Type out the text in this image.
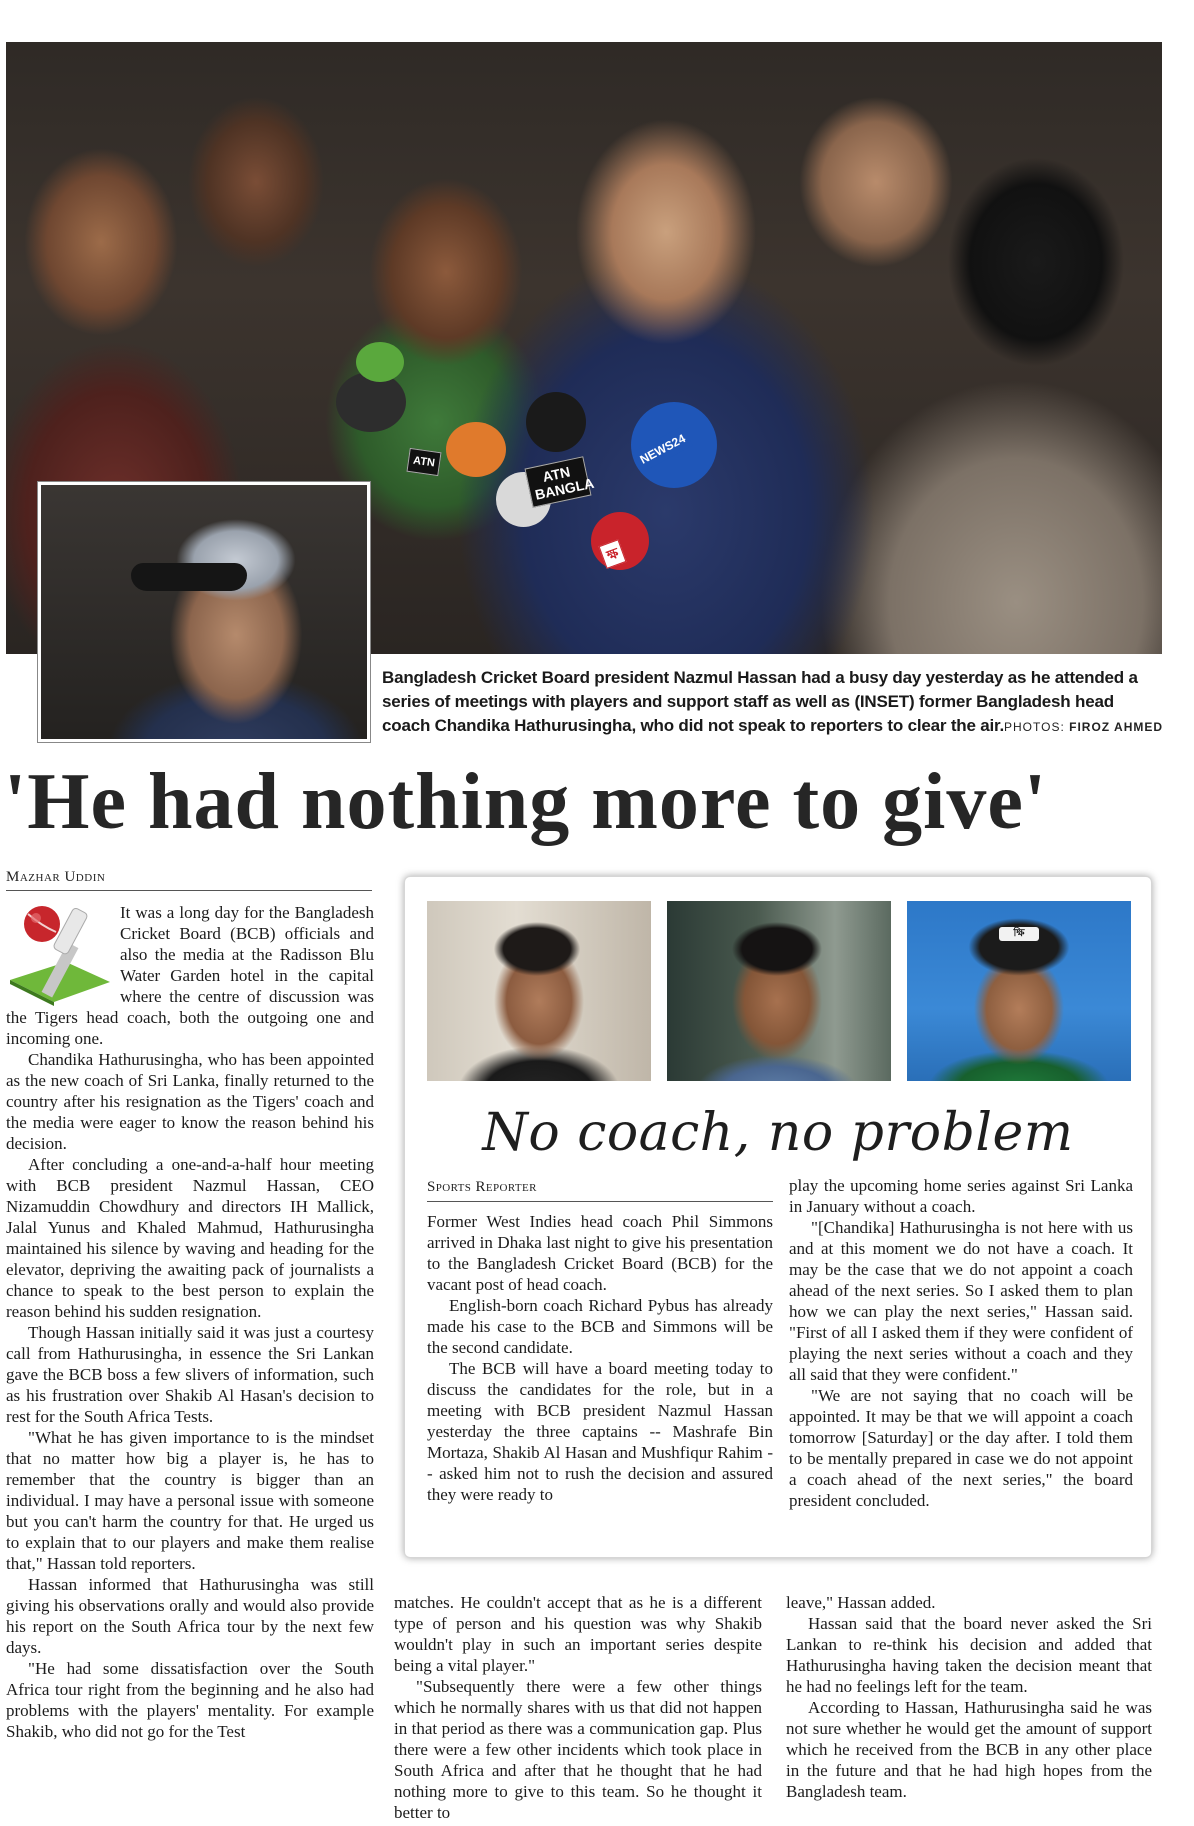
ATN BANGLA
NEWS24
ATN
ক্ষ
Bangladesh Cricket Board president Nazmul Hassan had a busy day yesterday as he attended a series of meetings with players and support staff as well as (INSET) former Bangladesh head coach Chandika Hathurusingha, who did not speak to reporters to clear the air. PHOTOS: FIROZ AHMED
'He had nothing more to give'
Mazhar Uddin

It was a long day for the Bangladesh Cricket Board (BCB) officials and also the media at the Radisson Blu Water Garden hotel in the capital where the centre of discussion was the Tigers head coach, both the outgoing one and incoming one.

Chandika Hathurusingha, who has been appointed as the new coach of Sri Lanka, finally returned to the country after his resignation as the Tigers' coach and the media were eager to know the reason behind his decision.

After concluding a one-and-a-half hour meeting with BCB president Nazmul Hassan, CEO Nizamuddin Chowdhury and directors IH Mallick, Jalal Yunus and Khaled Mahmud, Hathurusingha maintained his silence by waving and heading for the elevator, depriving the awaiting pack of journalists a chance to speak to the best person to explain the reason behind his sudden resignation.

Though Hassan initially said it was just a courtesy call from Hathurusingha, in essence the Sri Lankan gave the BCB boss a few slivers of information, such as his frustration over Shakib Al Hasan's decision to rest for the South Africa Tests.

"What he has given importance to is the mindset that no matter how big a player is, he has to remember that the country is bigger than an individual. I may have a personal issue with someone but you can't harm the country for that. He urged us to explain that to our players and make them realise that," Hassan told reporters.

Hassan informed that Hathurusingha was still giving his observations orally and would also provide his report on the South Africa tour by the next few days.

"He had some dissatisfaction over the South Africa tour right from the beginning and he also had problems with the players' mentality. For example Shakib, who did not go for the Test

ক্ষি
No coach, no problem
Sports Reporter

Former West Indies head coach Phil Simmons arrived in Dhaka last night to give his presentation to the Bangladesh Cricket Board (BCB) for the vacant post of head coach.

English-born coach Richard Pybus has already made his case to the BCB and Simmons will be the second candidate.

The BCB will have a board meeting today to discuss the candidates for the role, but in a meeting with BCB president Nazmul Hassan yesterday the three captains -- Mashrafe Bin Mortaza, Shakib Al Hasan and Mushfiqur Rahim -- asked him not to rush the decision and assured they were ready to

play the upcoming home series against Sri Lanka in January without a coach.

"[Chandika] Hathurusingha is not here with us and at this moment we do not have a coach. It may be the case that we do not appoint a coach ahead of the next series. So I asked them to plan how we can play the next series," Hassan said. "First of all I asked them if they were confident of playing the next series without a coach and they all said that they were confident."

"We are not saying that no coach will be appointed. It may be that we will appoint a coach tomorrow [Saturday] or the day after. I told them to be mentally prepared in case we do not appoint a coach ahead of the next series," the board president concluded.

matches. He couldn't accept that as he is a different type of person and his question was why Shakib wouldn't play in such an important series despite being a vital player."

"Subsequently there were a few other things which he normally shares with us that did not happen in that period as there was a communication gap. Plus there were a few other incidents which took place in South Africa and after that he thought that he had nothing more to give to this team. So he thought it better to

leave," Hassan added.

Hassan said that the board never asked the Sri Lankan to re-think his decision and added that Hathurusingha having taken the decision meant that he had no feelings left for the team.

According to Hassan, Hathurusingha said he was not sure whether he would get the amount of support which he received from the BCB in any other place in the future and that he had high hopes from the Bangladesh team.
